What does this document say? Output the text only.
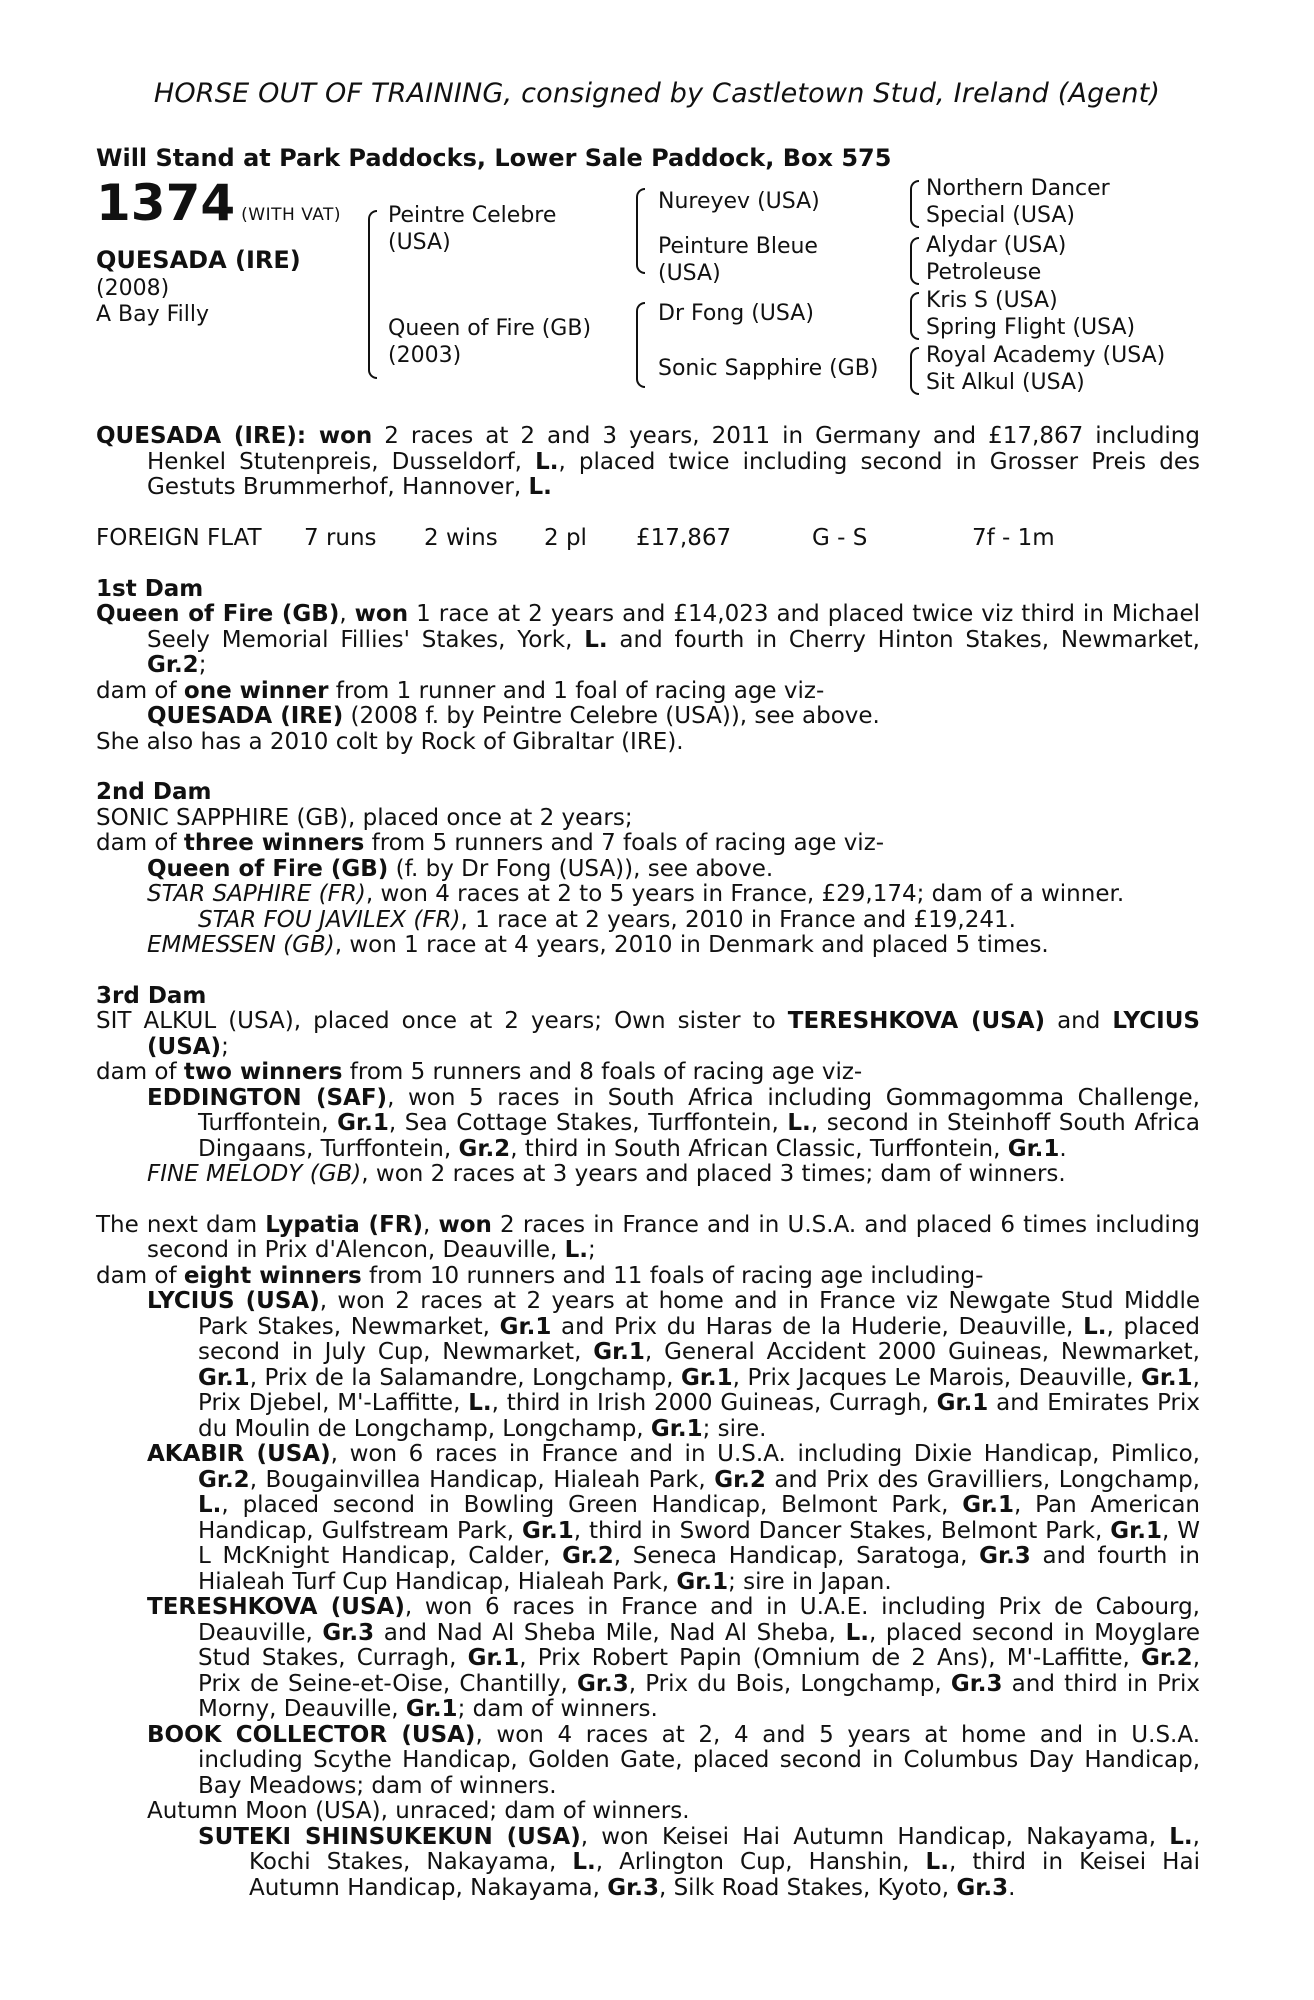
HORSE OUT OF TRAINING, consigned by Castletown Stud, Ireland (Agent)
Will Stand at Park Paddocks, Lower Sale Paddock, Box 575
1374 (WITH VAT)
QUESADA (IRE)
(2008)
A Bay Filly
Peintre Celebre
(USA)
Queen of Fire (GB)
(2003)
Nureyev (USA)
Peinture Bleue
(USA)
Dr Fong (USA)
Sonic Sapphire (GB)
Northern Dancer
Special (USA)
Alydar (USA)
Petroleuse
Kris S (USA)
Spring Flight (USA)
Royal Academy (USA)
Sit Alkul (USA)

QUESADA (IRE): won 2 races at 2 and 3 years, 2011 in Germany and £17,867 including Henkel Stutenpreis, Dusseldorf, L., placed twice including second in Grosser Preis des Gestuts Brummerhof, Hannover, L.

FOREIGN FLAT 7 runs 2 wins 2 pl £17,867	G - S	7f - 1m

1st Dam

Queen of Fire (GB), won 1 race at 2 years and £14,023 and placed twice viz third in Michael Seely Memorial Fillies' Stakes, York, L. and fourth in Cherry Hinton Stakes, Newmarket, Gr.2;

dam of one winner from 1 runner and 1 foal of racing age viz-

QUESADA (IRE) (2008 f. by Peintre Celebre (USA)), see above.

She also has a 2010 colt by Rock of Gibraltar (IRE).

2nd Dam

SONIC SAPPHIRE (GB), placed once at 2 years;

dam of three winners from 5 runners and 7 foals of racing age viz-

Queen of Fire (GB) (f. by Dr Fong (USA)), see above.

STAR SAPHIRE (FR), won 4 races at 2 to 5 years in France, £29,174; dam of a winner.

STAR FOU JAVILEX (FR), 1 race at 2 years, 2010 in France and £19,241.

EMMESSEN (GB), won 1 race at 4 years, 2010 in Denmark and placed 5 times.

3rd Dam

SIT ALKUL (USA), placed once at 2 years; Own sister to TERESHKOVA (USA) and LYCIUS (USA);

dam of two winners from 5 runners and 8 foals of racing age viz-

EDDINGTON (SAF), won 5 races in South Africa including Gommagomma Challenge, Turffontein, Gr.1, Sea Cottage Stakes, Turffontein, L., second in Steinhoff South Africa Dingaans, Turffontein, Gr.2, third in South African Classic, Turffontein, Gr.1.

FINE MELODY (GB), won 2 races at 3 years and placed 3 times; dam of winners.

The next dam Lypatia (FR), won 2 races in France and in U.S.A. and placed 6 times including second in Prix d'Alencon, Deauville, L.;

dam of eight winners from 10 runners and 11 foals of racing age including-

LYCIUS (USA), won 2 races at 2 years at home and in France viz Newgate Stud Middle Park Stakes, Newmarket, Gr.1 and Prix du Haras de la Huderie, Deauville, L., placed second in July Cup, Newmarket, Gr.1, General Accident 2000 Guineas, Newmarket, Gr.1, Prix de la Salamandre, Longchamp, Gr.1, Prix Jacques Le Marois, Deauville, Gr.1, Prix Djebel, M'-Laffitte, L., third in Irish 2000 Guineas, Curragh, Gr.1 and Emirates Prix du Moulin de Longchamp, Longchamp, Gr.1; sire.

AKABIR (USA), won 6 races in France and in U.S.A. including Dixie Handicap, Pimlico, Gr.2, Bougainvillea Handicap, Hialeah Park, Gr.2 and Prix des Gravilliers, Longchamp, L., placed second in Bowling Green Handicap, Belmont Park, Gr.1, Pan American Handicap, Gulfstream Park, Gr.1, third in Sword Dancer Stakes, Belmont Park, Gr.1, W L McKnight Handicap, Calder, Gr.2, Seneca Handicap, Saratoga, Gr.3 and fourth in Hialeah Turf Cup Handicap, Hialeah Park, Gr.1; sire in Japan.

TERESHKOVA (USA), won 6 races in France and in U.A.E. including Prix de Cabourg, Deauville, Gr.3 and Nad Al Sheba Mile, Nad Al Sheba, L., placed second in Moyglare Stud Stakes, Curragh, Gr.1, Prix Robert Papin (Omnium de 2 Ans), M'-Laffitte, Gr.2, Prix de Seine-et-Oise, Chantilly, Gr.3, Prix du Bois, Longchamp, Gr.3 and third in Prix Morny, Deauville, Gr.1; dam of winners.

BOOK COLLECTOR (USA), won 4 races at 2, 4 and 5 years at home and in U.S.A. including Scythe Handicap, Golden Gate, placed second in Columbus Day Handicap, Bay Meadows; dam of winners.

Autumn Moon (USA), unraced; dam of winners.

SUTEKI SHINSUKEKUN (USA), won Keisei Hai Autumn Handicap, Nakayama, L., Kochi Stakes, Nakayama, L., Arlington Cup, Hanshin, L., third in Keisei Hai Autumn Handicap, Nakayama, Gr.3, Silk Road Stakes, Kyoto, Gr.3.
